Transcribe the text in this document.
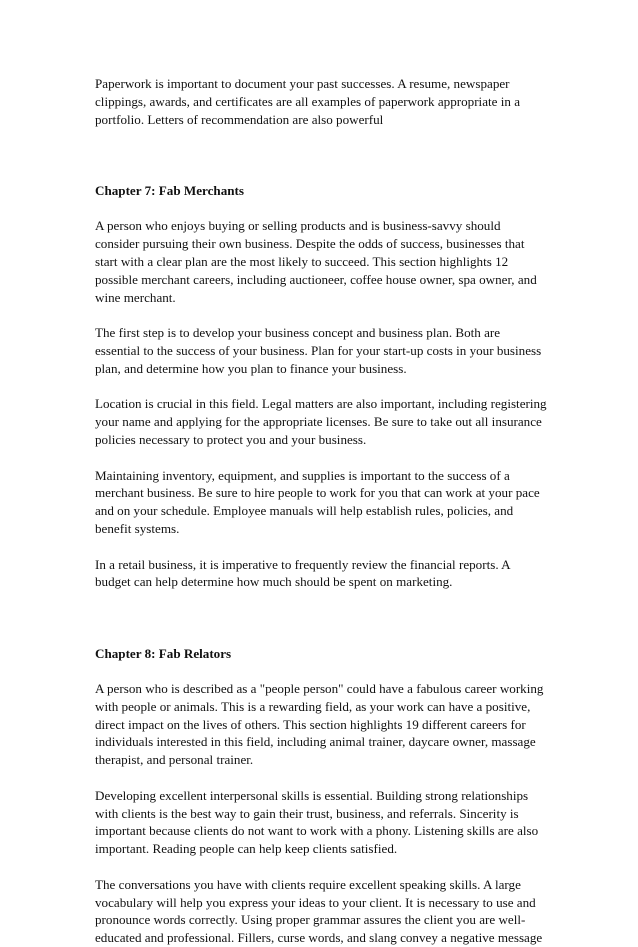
Paperwork is important to document your past successes. A resume, newspaper
clippings, awards, and certificates are all examples of paperwork appropriate in a
portfolio. Letters of recommendation are also powerful

Chapter 7: Fab Merchants

A person who enjoys buying or selling products and is business-savvy should
consider pursuing their own business. Despite the odds of success, businesses that
start with a clear plan are the most likely to succeed. This section highlights 12
possible merchant careers, including auctioneer, coffee house owner, spa owner, and
wine merchant.

The first step is to develop your business concept and business plan. Both are
essential to the success of your business. Plan for your start-up costs in your business
plan, and determine how you plan to finance your business.

Location is crucial in this field. Legal matters are also important, including registering
your name and applying for the appropriate licenses. Be sure to take out all insurance
policies necessary to protect you and your business.

Maintaining inventory, equipment, and supplies is important to the success of a
merchant business. Be sure to hire people to work for you that can work at your pace
and on your schedule. Employee manuals will help establish rules, policies, and
benefit systems.

In a retail business, it is imperative to frequently review the financial reports. A
budget can help determine how much should be spent on marketing.

Chapter 8: Fab Relators

A person who is described as a "people person" could have a fabulous career working
with people or animals. This is a rewarding field, as your work can have a positive,
direct impact on the lives of others. This section highlights 19 different careers for
individuals interested in this field, including animal trainer, daycare owner, massage
therapist, and personal trainer.

Developing excellent interpersonal skills is essential. Building strong relationships
with clients is the best way to gain their trust, business, and referrals. Sincerity is
important because clients do not want to work with a phony. Listening skills are also
important. Reading people can help keep clients satisfied.

The conversations you have with clients require excellent speaking skills. A large
vocabulary will help you express your ideas to your client. It is necessary to use and
pronounce words correctly. Using proper grammar assures the client you are well-
educated and professional. Fillers, curse words, and slang convey a negative message
